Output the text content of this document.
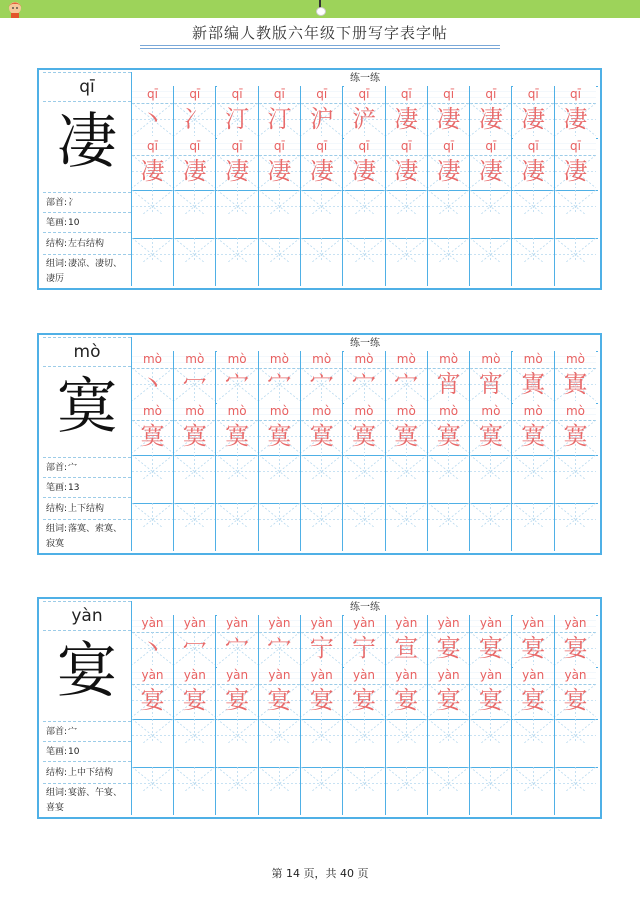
新部编人教版六年级下册写字表字帖
qī
凄
部首:冫
笔画:10
结构:左右结构
组词:凄凉、凄切、凄厉
练一练
qī
丶
qī
冫
qī
汀
qī
汀
qī
沪
qī
浐
qī
凄
qī
凄
qī
凄
qī
凄
qī
凄
qī
凄
qī
凄
qī
凄
qī
凄
qī
凄
qī
凄
qī
凄
qī
凄
qī
凄
qī
凄
qī
凄
mò
寞
部首:宀
笔画:13
结构:上下结构
组词:落寞、索寞、寂寞
练一练
mò
丶
mò
冖
mò
宀
mò
宀
mò
宀
mò
宀
mò
宀
mò
宵
mò
宵
mò
寘
mò
寘
mò
寞
mò
寞
mò
寞
mò
寞
mò
寞
mò
寞
mò
寞
mò
寞
mò
寞
mò
寞
mò
寞
yàn
宴
部首:宀
笔画:10
结构:上中下结构
组词:宴游、午宴、喜宴
练一练
yàn
丶
yàn
冖
yàn
宀
yàn
宀
yàn
宁
yàn
宁
yàn
宣
yàn
宴
yàn
宴
yàn
宴
yàn
宴
yàn
宴
yàn
宴
yàn
宴
yàn
宴
yàn
宴
yàn
宴
yàn
宴
yàn
宴
yàn
宴
yàn
宴
yàn
宴
第 14 页，共 40 页
